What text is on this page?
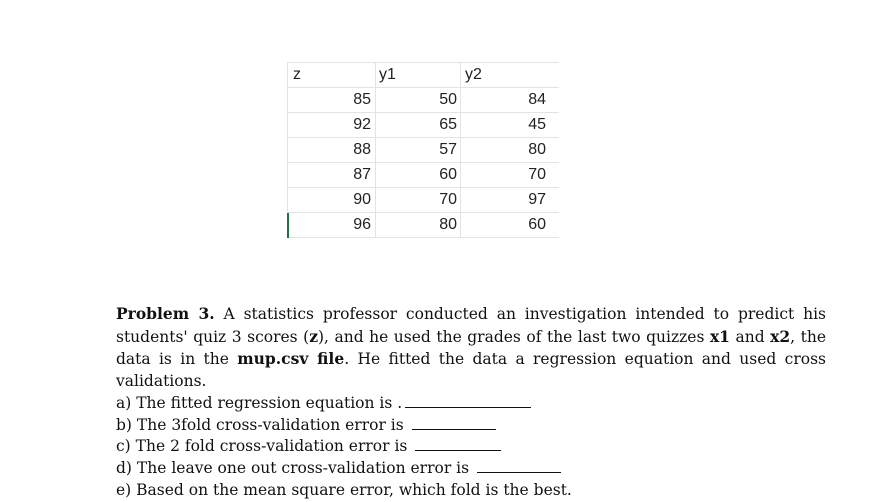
z	y1	y2
85	50	84
92	65	45
88	57	80
87	60	70
90	70	97
96	80	60

Problem 3. A statistics professor conducted an investigation intended to predict his students' quiz 3 scores (z), and he used the grades of the last two quizzes x1 and x2, the data is in the mup.csv file. He fitted the data a regression equation and used cross validations.

a) The fitted regression equation is .
b) The 3fold cross-validation error is
c) The 2 fold cross-validation error is
d) The leave one out cross-validation error is
e) Based on the mean square error, which fold is the best.
